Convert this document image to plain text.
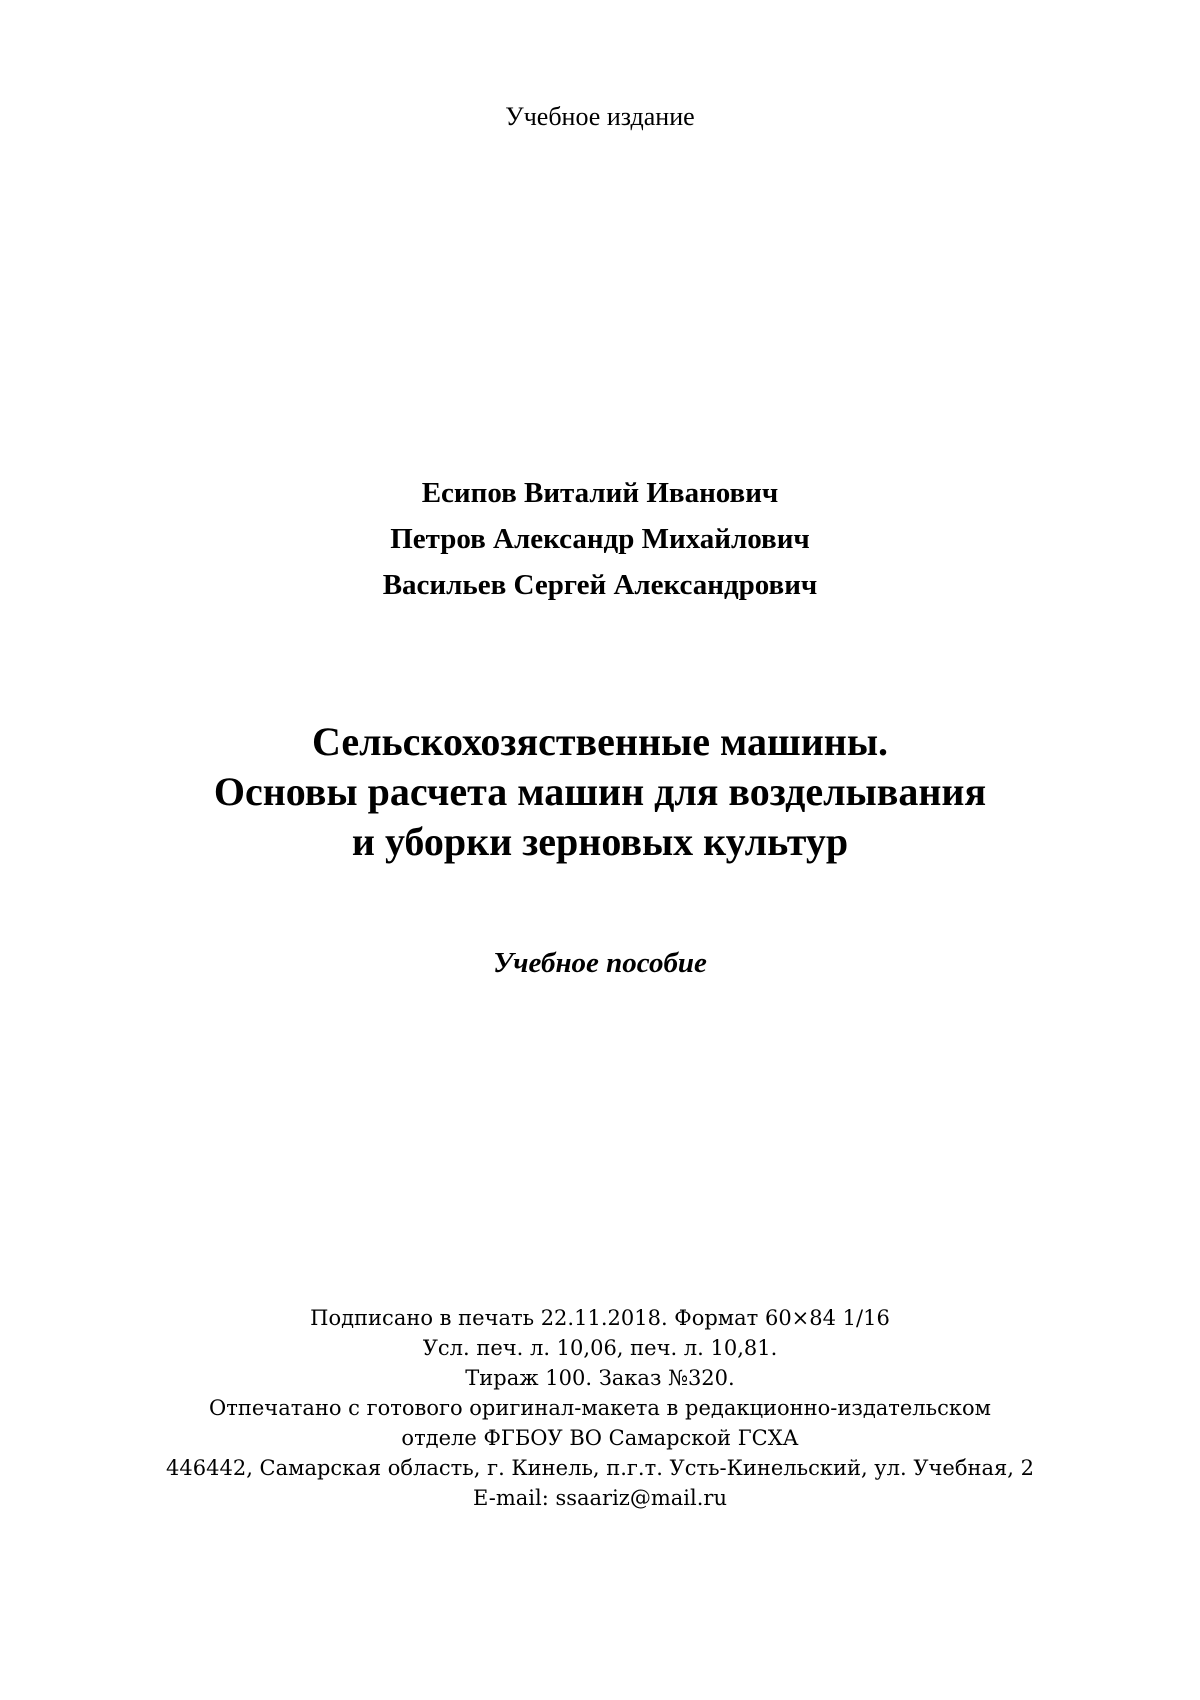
Учебное издание
Есипов Виталий Иванович
Петров Александр Михайлович
Васильев Сергей Александрович
Сельскохозяственные машины.
Основы расчета машин для возделывания
и уборки зерновых культур
Учебное пособие
Подписано в печать 22.11.2018. Формат 60×84 1/16
Усл. печ. л. 10,06, печ. л. 10,81.
Тираж 100. Заказ №320.
Отпечатано с готового оригинал-макета в редакционно-издательском
отделе ФГБОУ ВО Самарской ГСХА
446442, Самарская область, г. Кинель, п.г.т. Усть-Кинельский, ул. Учебная, 2
E-mail: ssaariz@mail.ru
